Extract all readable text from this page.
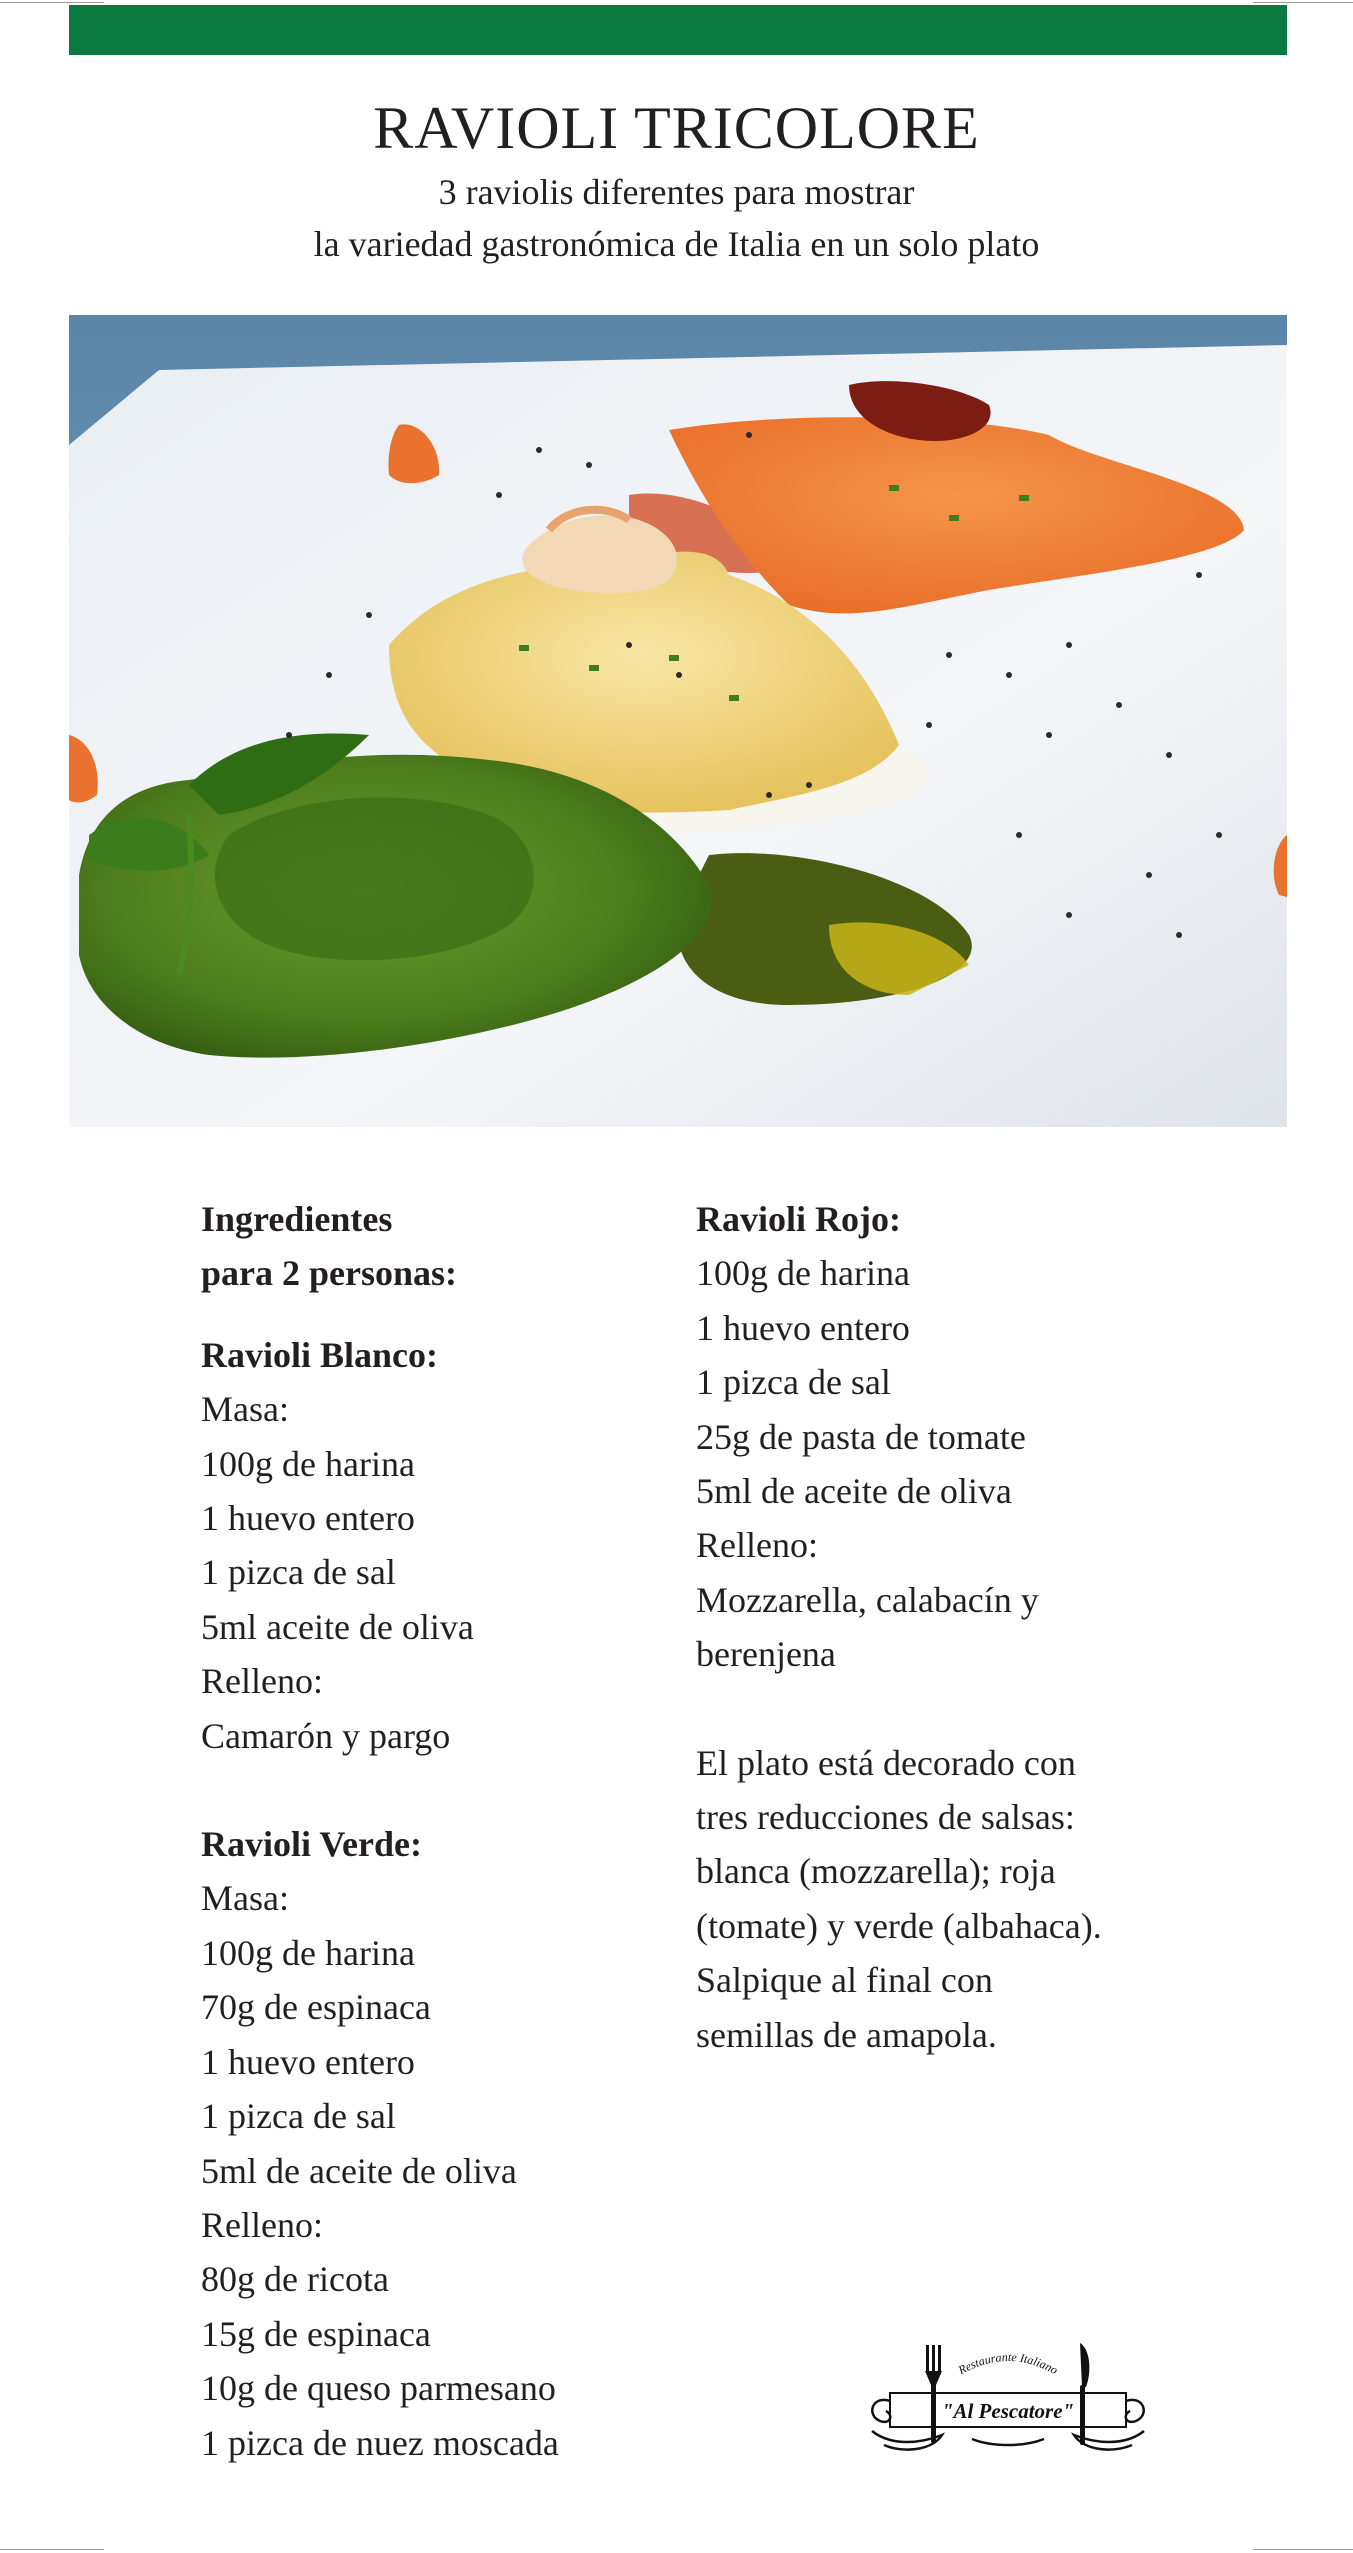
RAVIOLI TRICOLORE
3 raviolis diferentes para mostrar
la variedad gastronómica de Italia en un solo plato

Ingredientes

para 2 personas:

Ravioli Blanco:

Masa:

100g de harina

1 huevo entero

1 pizca de sal

5ml aceite de oliva

Relleno:

Camarón y pargo

Ravioli Verde:

Masa:

100g de harina

70g de espinaca

1 huevo entero

1 pizca de sal

5ml de aceite de oliva

Relleno:

80g de ricota

15g de espinaca

10g de queso parmesano

1 pizca de nuez moscada

Ravioli Rojo:

100g de harina

1 huevo entero

1 pizca de sal

25g de pasta de tomate

5ml de aceite de oliva

Relleno:

Mozzarella, calabacín y

berenjena

El plato está decorado con

tres reducciones de salsas:

blanca (mozzarella); roja

(tomate) y verde (albahaca).

Salpique al final con

semillas de amapola.

Restaurante Italiano
"Al Pescatore"
